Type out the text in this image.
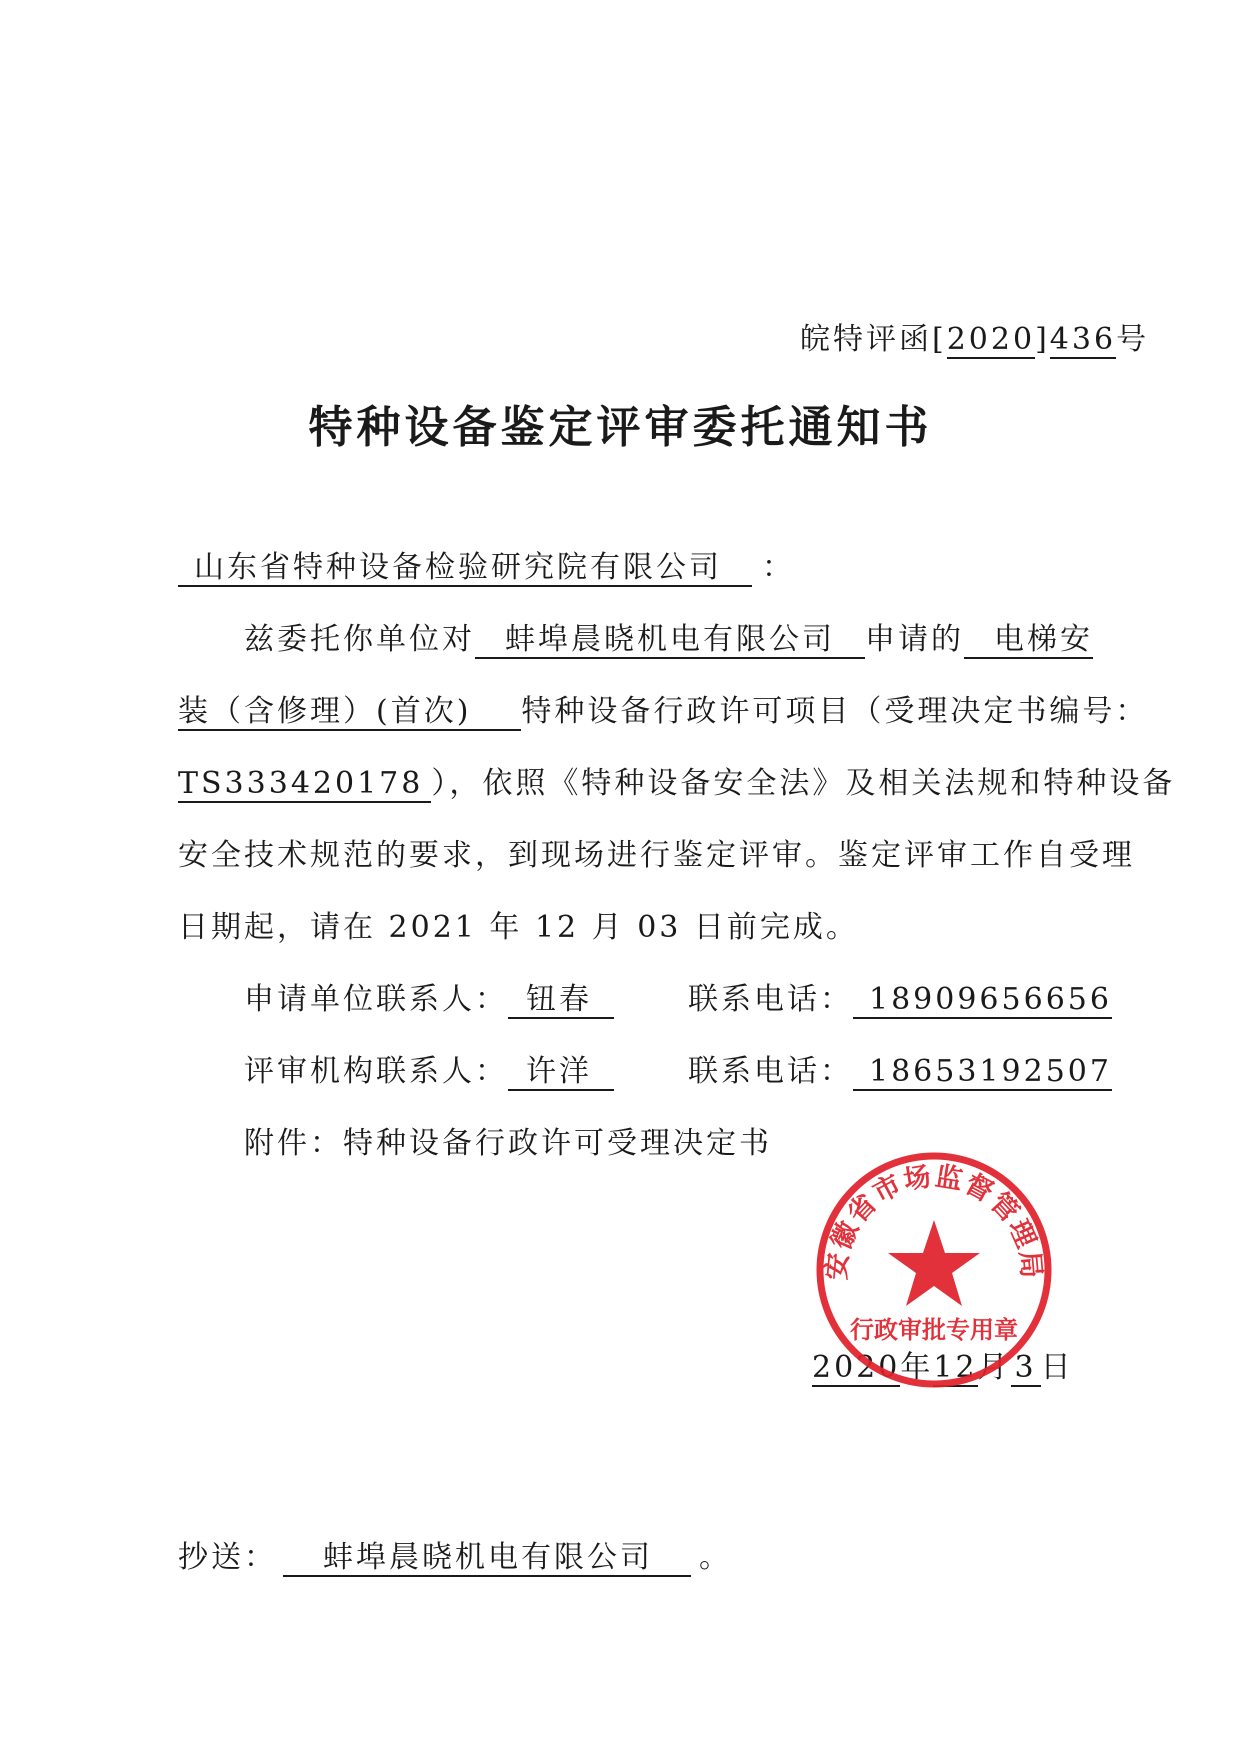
皖特评函[2020]436号
特种设备鉴定评审委托通知书
山东省特种设备检验研究院有限公司 ：
兹委托你单位对 蚌埠晨晓机电有限公司 申请的 电梯安
装（含修理）(首次) 特种设备行政许可项目（受理决定书编号：
TS333420178 ），依照《特种设备安全法》及相关法规和特种设备
安全技术规范的要求，到现场进行鉴定评审。鉴定评审工作自受理
日期起，请在 2021 年 12 月 03 日前完成。
申请单位联系人： 钮春	联系电话： 18909656656
评审机构联系人： 许洋	联系电话： 18653192507
附件：特种设备行政许可受理决定书
2020年12月 3 日
安徽省市场监督管理局
行政审批专用章
抄送： 蚌埠晨晓机电有限公司 。
